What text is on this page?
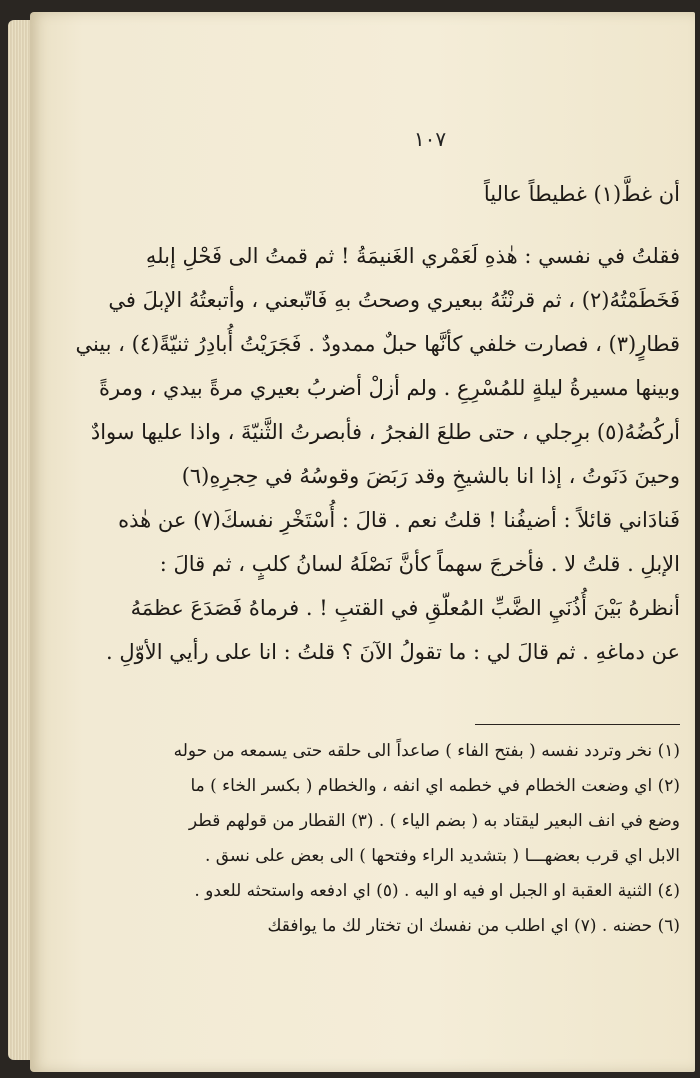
١٠٧
أن غطَّ(١) غطيطاً عالياً
فقلتُ في نفسي : هٰذهِ لَعَمْري الغَنيمَةُ ! ثم قمتُ الى فَحْلِ إبلهِ
فَخَطَمْتُهُ(٢) ، ثم قرنْتُهُ ببعيري وصحتُ بهِ فَاتّبعني ، وأتبعتُهُ الإبلَ في
قطارٍ(٣) ، فصارت خلفي كأنَّها حبلٌ ممدودٌ . فَجَرَيْتُ أُبادِرُ ثنيّةً(٤) ، بيني
وبينها مسيرةُ ليلةٍ للمُسْرِعِ . ولم أزلْ أضربُ بعيري مرةً بيدي ، ومرةً
أركُضُهُ(٥) برِجلي ، حتى طلعَ الفجرُ ، فأبصرتُ الثَّنيّةَ ، واذا عليها سوادٌ
وحينَ دَنَوتُ ، إذا انا بالشيخِ وقد رَبَضَ وقوسُهُ في حِجرِهِ(٦)
فَنادَاني قائلاً : أضيفُنا ! قلتُ نعم . قالَ : أُسْتَخْرِ نفسكَ(٧) عن هٰذه
الإبلِ . قلتُ لا . فأخرجَ سهماً كأنَّ نَصْلَهُ لسانُ كلبٍ ، ثم قالَ :
أنظرهُ بَيْنَ أُذُنَيِ الضَّبِّ المُعلّقِ في القتبِ ! . فرماهُ فَصَدَعَ عظمَهُ
عن دماغهِ . ثم قالَ لي : ما تقولُ الآنَ ؟ قلتُ : انا على رأيي الأوّلِ .
(١) نخر وتردد نفسه ( بفتح الفاء ) صاعداً الى حلقه حتى يسمعه من حوله
(٢) اي وضعت الخطام في خطمه اي انفه ، والخطام ( بكسر الخاء ) ما
وضع في انف البعير ليقتاد به ( بضم الياء ) . (٣) القطار من قولهم قطر
الابل اي قرب بعضهـــا ( بتشديد الراء وفتحها ) الى بعض على نسق .
(٤) الثنية العقبة او الجبل او فيه او اليه . (٥) اي ادفعه واستحثه للعدو .
(٦) حضنه . (٧) اي اطلب من نفسك ان تختار لك ما يوافقك
